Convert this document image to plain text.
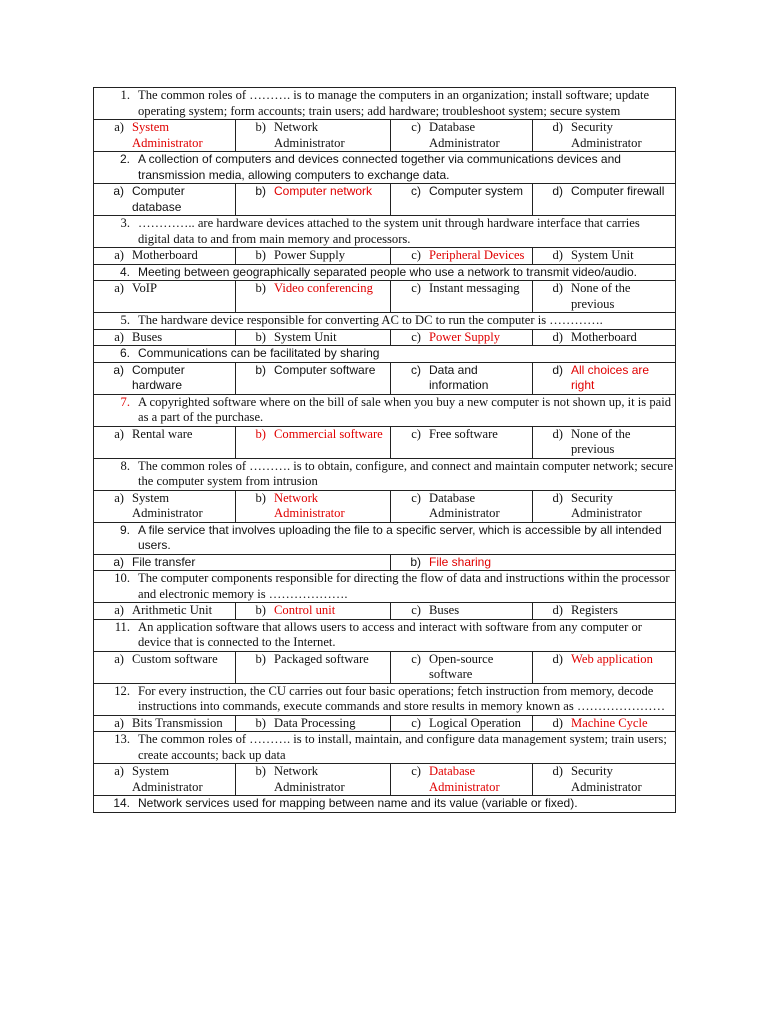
1. The common roles of ………. is to manage the computers in an organization; install software; update operating system; form accounts; train users; add hardware; troubleshoot system; secure system			

a) System Administrator	b) Network Administrator	c) Database Administrator	d) Security Administrator

2. A collection of computers and devices connected together via communications devices and transmission media, allowing computers to exchange data.			

a) Computer database	b) Computer network	c) Computer system	d) Computer firewall

3. ………….. are hardware devices attached to the system unit through hardware interface that carries digital data to and from main memory and processors.			

a) Motherboard	b) Power Supply	c) Peripheral Devices	d) System Unit

4. Meeting between geographically separated people who use a network to transmit video/audio.			

a) VoIP	b) Video conferencing	c) Instant messaging	d) None of the previous

5. The hardware device responsible for converting AC to DC to run the computer is ………….			

a) Buses	b) System Unit	c) Power Supply	d) Motherboard

6. Communications can be facilitated by sharing			

a) Computer hardware	b) Computer software	c) Data and information	d) All choices are right

7. A copyrighted software where on the bill of sale when you buy a new computer is not shown up, it is paid as a part of the purchase.			

a) Rental ware	b) Commercial software	c) Free software	d) None of the previous

8. The common roles of ………. is to obtain, configure, and connect and maintain computer network; secure the computer system from intrusion			

a) System Administrator	b) Network Administrator	c) Database Administrator	d) Security Administrator

9. A file service that involves uploading the file to a specific server, which is accessible by all intended users.			

a) File transfer		b) File sharing	

10. The computer components responsible for directing the flow of data and instructions within the processor and electronic memory is ……………….			

a) Arithmetic Unit	b) Control unit	c) Buses	d) Registers

11. An application software that allows users to access and interact with software from any computer or device that is connected to the Internet.			

a) Custom software	b) Packaged software	c) Open-source software	d) Web application

12. For every instruction, the CU carries out four basic operations; fetch instruction from memory, decode instructions into commands, execute commands and store results in memory known as …………………			

a) Bits Transmission	b) Data Processing	c) Logical Operation	d) Machine Cycle

13. The common roles of ………. is to install, maintain, and configure data management system; train users; create accounts; back up data			

a) System Administrator	b) Network Administrator	c) Database Administrator	d) Security Administrator

14. Network services used for mapping between name and its value (variable or fixed).			
